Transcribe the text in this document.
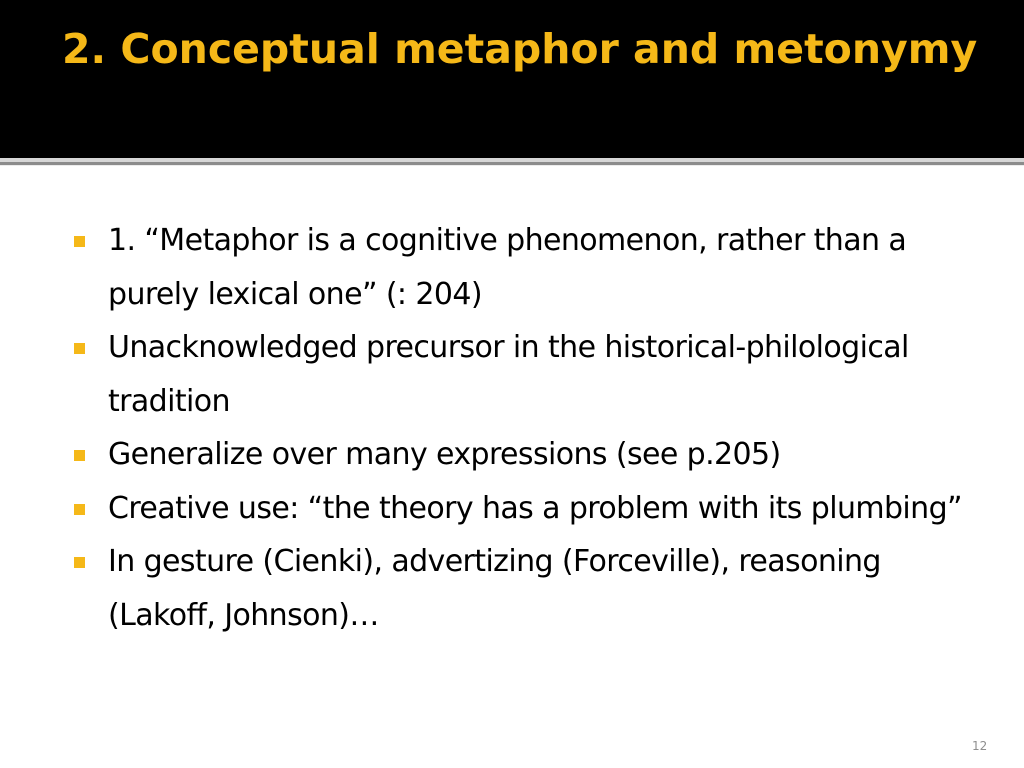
2. Conceptual metaphor and metonymy
1. “Metaphor is a cognitive phenomenon, rather than a purely lexical one” (: 204)
Unacknowledged precursor in the historical-philological tradition
Generalize over many expressions (see p.205)
Creative use: “the theory has a problem with its plumbing”
In gesture (Cienki), advertizing (Forceville), reasoning (Lakoff, Johnson)…
12
